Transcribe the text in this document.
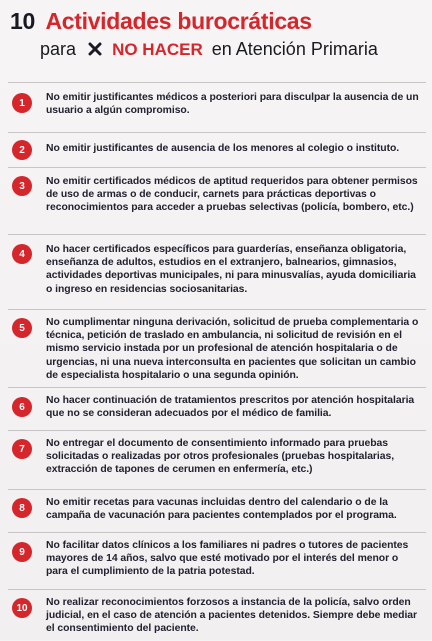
10 Actividades burocráticas
para NO HACER en Atención Primaria
1	No emitir justificantes médicos a posteriori para disculpar la ausencia de un usuario a algún compromiso.
2	No emitir justificantes de ausencia de los menores al colegio o instituto.
3	No emitir certificados médicos de aptitud requeridos para obtener permisos de uso de armas o de conducir, carnets para prácticas deportivas o reconocimientos para acceder a pruebas selectivas (policía, bombero, etc.)
4	No hacer certificados específicos para guarderías, enseñanza obligatoria, enseñanza de adultos, estudios en el extranjero, balnearios, gimnasios, actividades deportivas municipales, ni para minusvalías, ayuda domiciliaria o ingreso en residencias sociosanitarias.
5	No cumplimentar ninguna derivación, solicitud de prueba complementaria o técnica, petición de traslado en ambulancia, ni solicitud de revisión en el mismo servicio instada por un profesional de atención hospitalaria o de urgencias, ni una nueva interconsulta en pacientes que solicitan un cambio de especialista hospitalario o una segunda opinión.
6
No hacer continuación de tratamientos prescritos por atención hospitalaria que no se consideran adecuados por el médico de familia.
7	No entregar el documento de consentimiento informado para pruebas solicitadas o realizadas por otros profesionales (pruebas hospitalarias, extracción de tapones de cerumen en enfermería, etc.)
8	No emitir recetas para vacunas incluidas dentro del calendario o de la campaña de vacunación para pacientes contemplados por el programa.
9
No facilitar datos clínicos a los familiares ni padres o tutores de pacientes mayores de 14 años, salvo que esté motivado por el interés del menor o para el cumplimiento de la patria potestad.
10	No realizar reconocimientos forzosos a instancia de la policía, salvo orden judicial, en el caso de atención a pacientes detenidos. Siempre debe mediar el consentimiento del paciente.
